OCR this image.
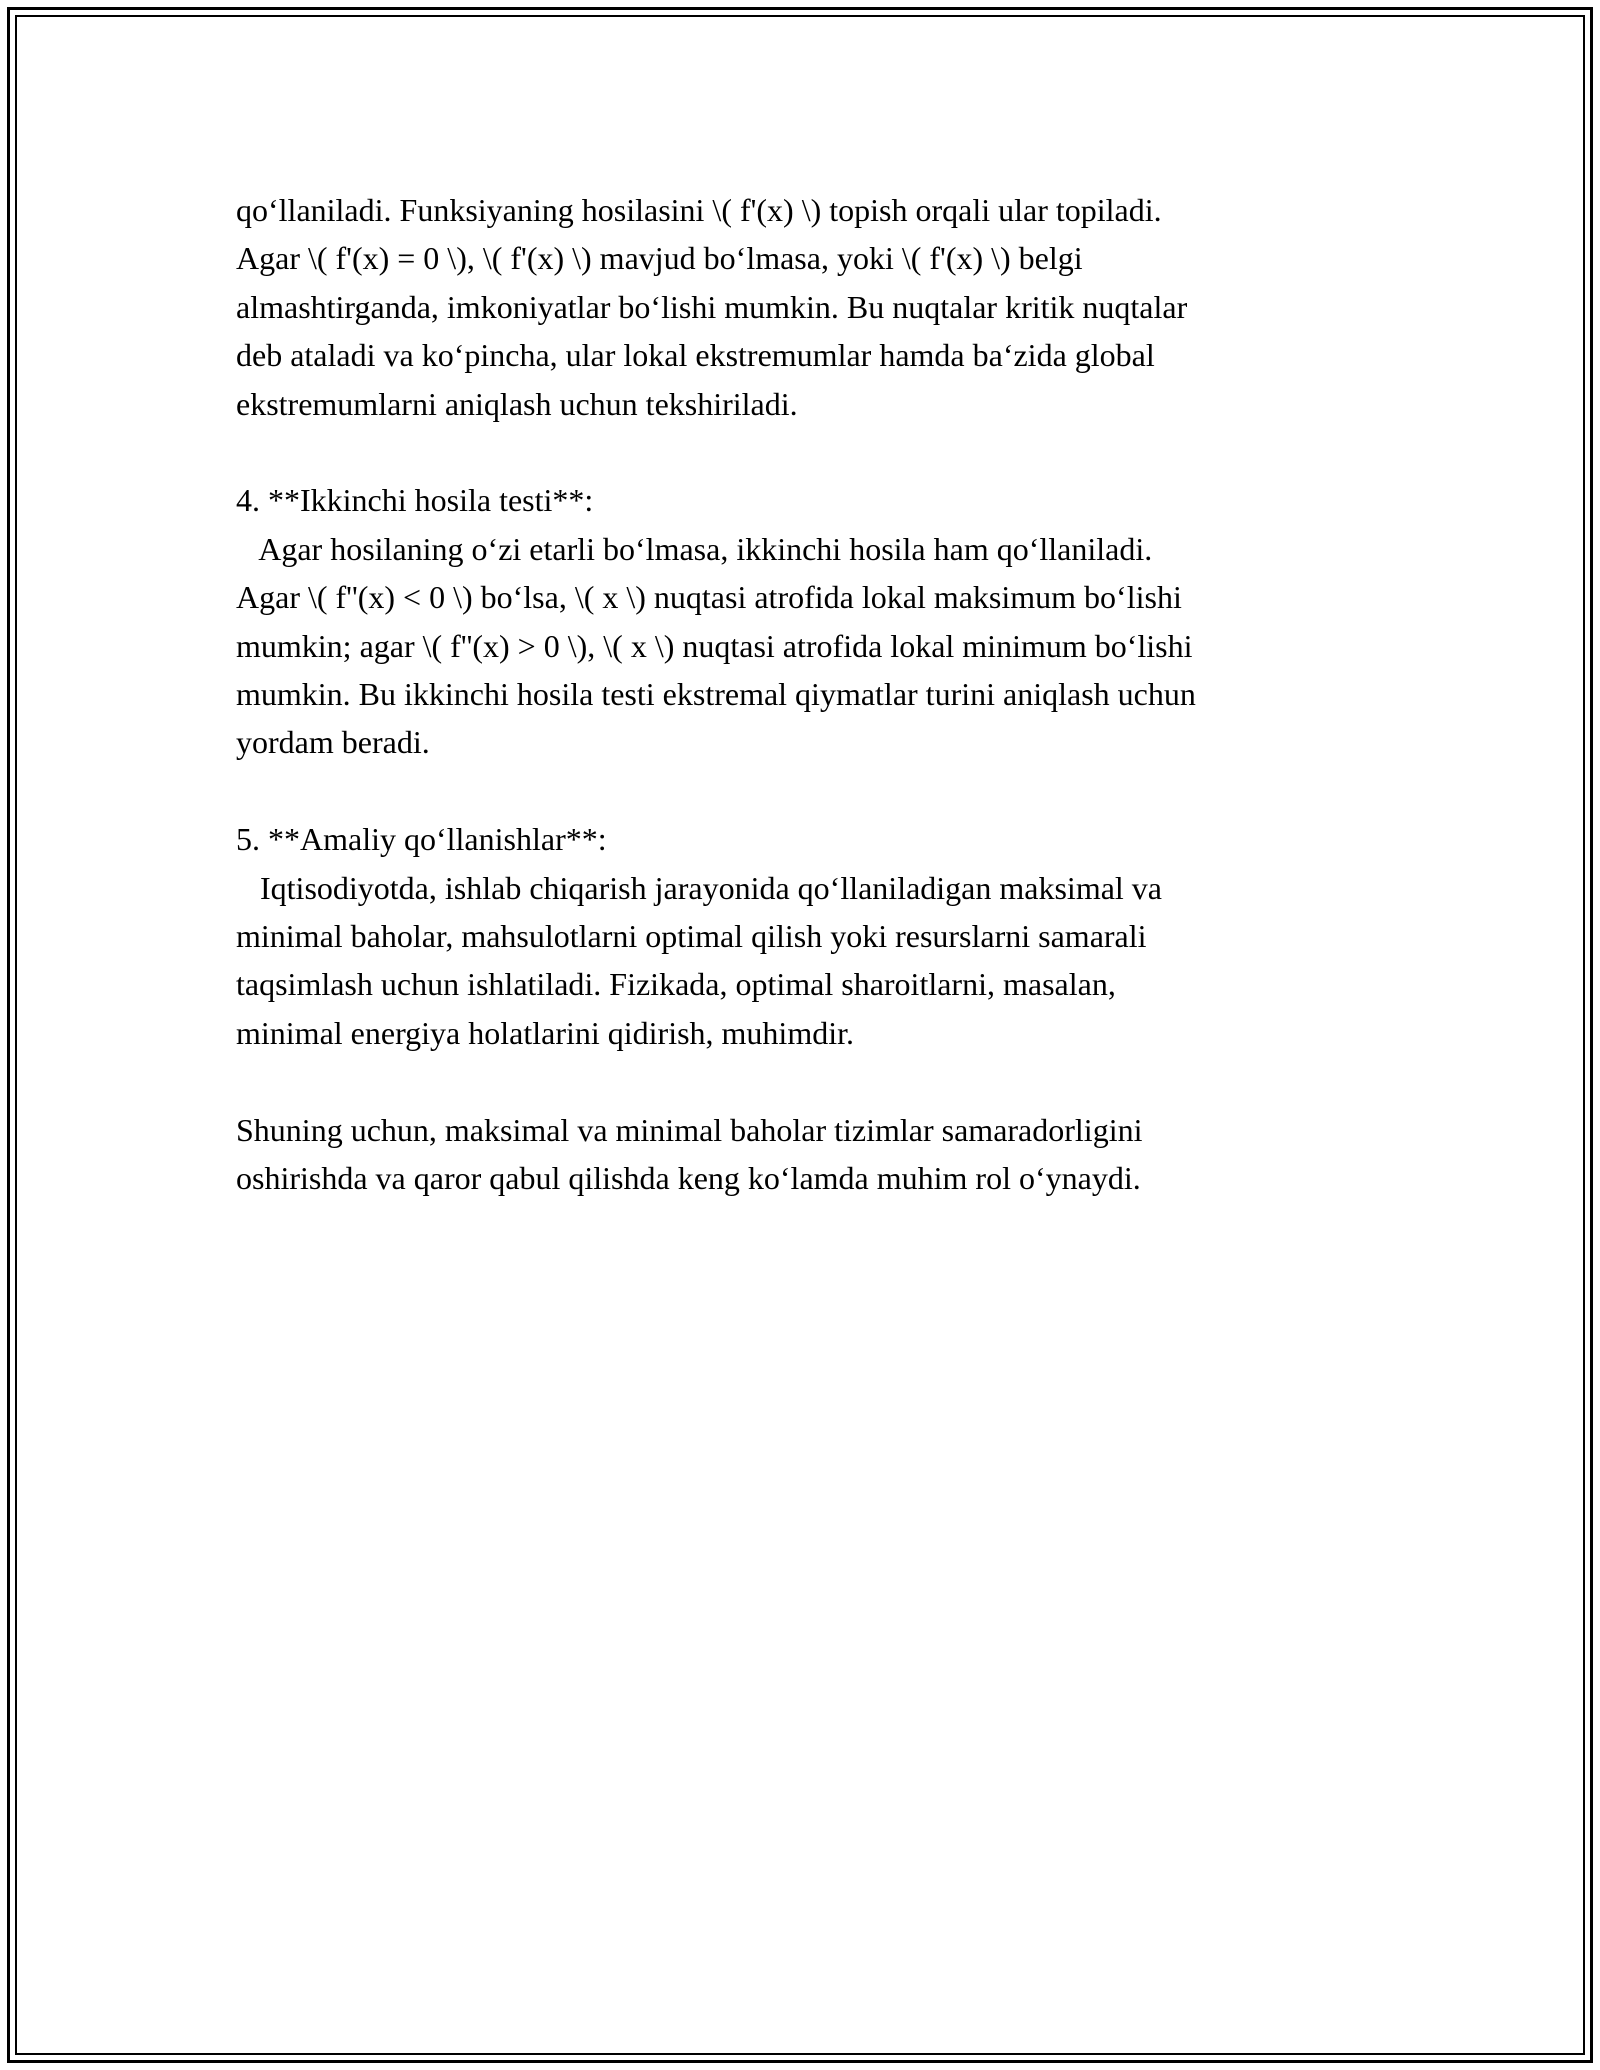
qo‘llaniladi. Funksiyaning hosilasini \( f'(x) \) topish orqali ular topiladi.
Agar \( f'(x) = 0 \), \( f'(x) \) mavjud bo‘lmasa, yoki \( f'(x) \) belgi
almashtirganda, imkoniyatlar bo‘lishi mumkin. Bu nuqtalar kritik nuqtalar
deb ataladi va ko‘pincha, ular lokal ekstremumlar hamda ba‘zida global
ekstremumlarni aniqlash uchun tekshiriladi.
4. **Ikkinchi hosila testi**:
Agar hosilaning o‘zi etarli bo‘lmasa, ikkinchi hosila ham qo‘llaniladi.
Agar \( f''(x) < 0 \) bo‘lsa, \( x \) nuqtasi atrofida lokal maksimum bo‘lishi
mumkin; agar \( f''(x) > 0 \), \( x \) nuqtasi atrofida lokal minimum bo‘lishi
mumkin. Bu ikkinchi hosila testi ekstremal qiymatlar turini aniqlash uchun
yordam beradi.
5. **Amaliy qo‘llanishlar**:
Iqtisodiyotda, ishlab chiqarish jarayonida qo‘llaniladigan maksimal va
minimal baholar, mahsulotlarni optimal qilish yoki resurslarni samarali
taqsimlash uchun ishlatiladi. Fizikada, optimal sharoitlarni, masalan,
minimal energiya holatlarini qidirish, muhimdir.
Shuning uchun, maksimal va minimal baholar tizimlar samaradorligini
oshirishda va qaror qabul qilishda keng ko‘lamda muhim rol o‘ynaydi.
